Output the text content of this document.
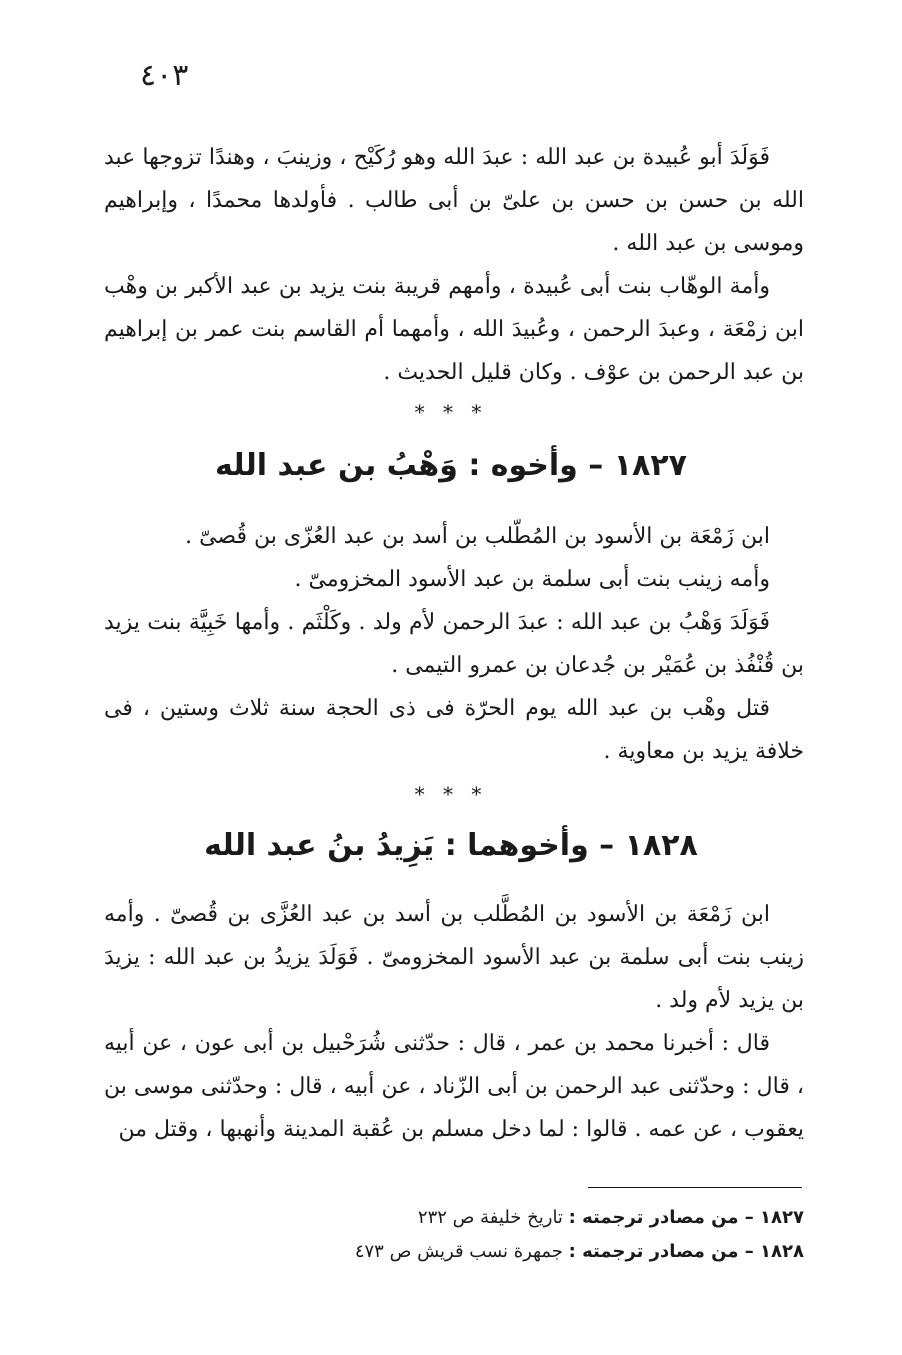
٤٠٣

فَوَلَدَ أبو عُبيدة بن عبد الله : عبدَ الله وهو رُكَيْح ، وزينبَ ، وهندًا تزوجها عبد الله بن حسن بن حسن بن علىّ بن أبى طالب . فأولدها محمدًا ، وإبراهيم وموسى بن عبد الله .

وأمة الوهّاب بنت أبى عُبيدة ، وأمهم قريبة بنت يزيد بن عبد الأكبر بن وهْب ابن زمْعَة ، وعبدَ الرحمن ، وعُبيدَ الله ، وأمهما أم القاسم بنت عمر بن إبراهيم بن عبد الرحمن بن عوْف . وكان قليل الحديث .

* * *
١٨٢٧ – وأخوه : وَهْبُ بن عبد الله

ابن زَمْعَة بن الأسود بن المُطّلب بن أسد بن عبد العُزّى بن قُصىّ .

وأمه زينب بنت أبى سلمة بن عبد الأسود المخزومىّ .

فَوَلَدَ وَهْبُ بن عبد الله : عبدَ الرحمن لأم ولد . وكَلْثَم . وأمها خَبِيَّة بنت يزيد بن قُنْفُذ بن عُمَيْر بن جُدعان بن عمرو التيمى .

قتل وهْب بن عبد الله يوم الحرّة فى ذى الحجة سنة ثلاث وستين ، فى خلافة يزيد بن معاوية .

* * *
١٨٢٨ – وأخوهما : يَزِيدُ بنُ عبد الله

ابن زَمْعَة بن الأسود بن المُطَّلب بن أسد بن عبد العُزَّى بن قُصىّ . وأمه زينب بنت أبى سلمة بن عبد الأسود المخزومىّ . فَوَلَدَ يزيدُ بن عبد الله : يزيدَ بن يزيد لأم ولد .

قال : أخبرنا محمد بن عمر ، قال : حدّثنى شُرَحْبيل بن أبى عون ، عن أبيه ، قال : وحدّثنى عبد الرحمن بن أبى الزّناد ، عن أبيه ، قال : وحدّثنى موسى بن يعقوب ، عن عمه . قالوا : لما دخل مسلم بن عُقبة المدينة وأنهبها ، وقتل من

١٨٢٧ – من مصادر ترجمته : تاريخ خليفة ص ٢٣٢
١٨٢٨ – من مصادر ترجمته : جمهرة نسب قريش ص ٤٧٣
